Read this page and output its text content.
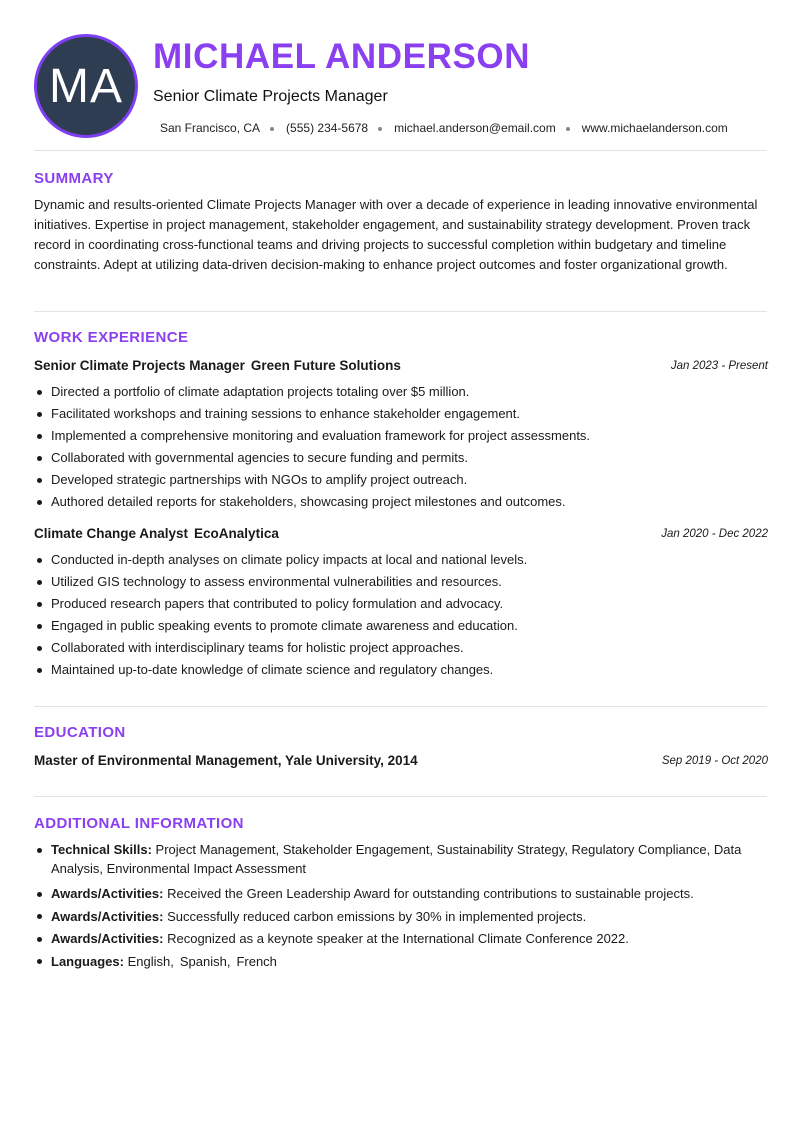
MA
MICHAEL ANDERSON

Senior Climate Projects Manager

San Francisco, CA (555) 234-5678 michael.anderson@email.com www.michaelanderson.com
SUMMARY

Dynamic and results-oriented Climate Projects Manager with over a decade of experience in leading innovative environmental initiatives. Expertise in project management, stakeholder engagement, and sustainability strategy development. Proven track record in coordinating cross-functional teams and driving projects to successful completion within budgetary and timeline constraints. Adept at utilizing data-driven decision-making to enhance project outcomes and foster organizational growth.

WORK EXPERIENCE
Senior Climate Projects Manager Green Future Solutions	Jan 2023 - Present
Directed a portfolio of climate adaptation projects totaling over $5 million.
Facilitated workshops and training sessions to enhance stakeholder engagement.
Implemented a comprehensive monitoring and evaluation framework for project assessments.
Collaborated with governmental agencies to secure funding and permits.
Developed strategic partnerships with NGOs to amplify project outreach.
Authored detailed reports for stakeholders, showcasing project milestones and outcomes.
Climate Change Analyst EcoAnalytica	Jan 2020 - Dec 2022
Conducted in-depth analyses on climate policy impacts at local and national levels.
Utilized GIS technology to assess environmental vulnerabilities and resources.
Produced research papers that contributed to policy formulation and advocacy.
Engaged in public speaking events to promote climate awareness and education.
Collaborated with interdisciplinary teams for holistic project approaches.
Maintained up-to-date knowledge of climate science and regulatory changes.
EDUCATION
Master of Environmental Management, Yale University, 2014	Sep 2019 - Oct 2020
ADDITIONAL INFORMATION
Technical Skills: Project Management, Stakeholder Engagement, Sustainability Strategy, Regulatory Compliance, Data Analysis, Environmental Impact Assessment
Awards/Activities: Received the Green Leadership Award for outstanding contributions to sustainable projects.
Awards/Activities: Successfully reduced carbon emissions by 30% in implemented projects.
Awards/Activities: Recognized as a keynote speaker at the International Climate Conference 2022.
Languages: English, Spanish, French
